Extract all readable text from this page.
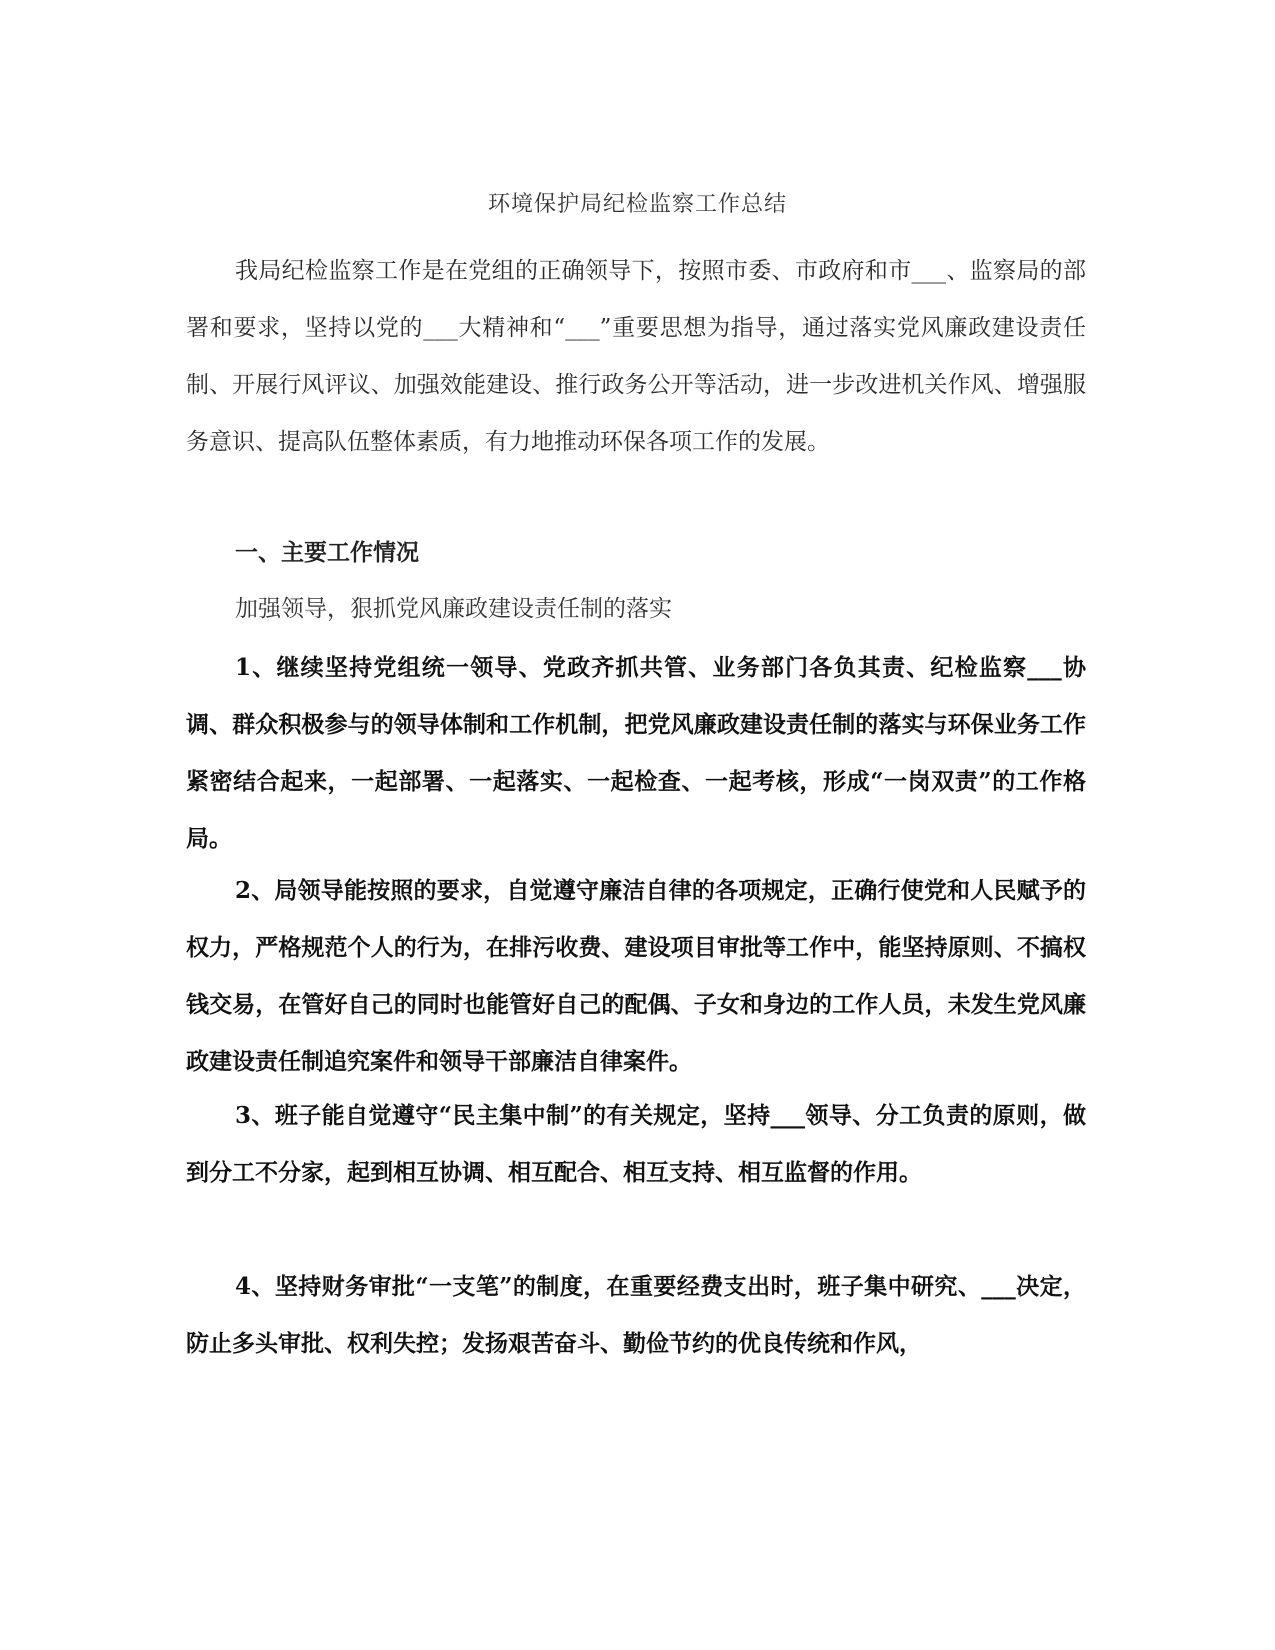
环境保护局纪检监察工作总结

我局纪检监察工作是在党组的正确领导下，按照市委、市政府和市___、监察局的部署和要求，坚持以党的___大精神和“___”重要思想为指导，通过落实党风廉政建设责任制、开展行风评议、加强效能建设、推行政务公开等活动，进一步改进机关作风、增强服务意识、提高队伍整体素质，有力地推动环保各项工作的发展。

一、主要工作情况

加强领导，狠抓党风廉政建设责任制的落实

1、继续坚持党组统一领导、党政齐抓共管、业务部门各负其责、纪检监察___协调、群众积极参与的领导体制和工作机制，把党风廉政建设责任制的落实与环保业务工作紧密结合起来，一起部署、一起落实、一起检查、一起考核，形成“一岗双责”的工作格局。

2、局领导能按照的要求，自觉遵守廉洁自律的各项规定，正确行使党和人民赋予的权力，严格规范个人的行为，在排污收费、建设项目审批等工作中，能坚持原则、不搞权钱交易，在管好自己的同时也能管好自己的配偶、子女和身边的工作人员，未发生党风廉政建设责任制追究案件和领导干部廉洁自律案件。

3、班子能自觉遵守“民主集中制”的有关规定，坚持___领导、分工负责的原则，做到分工不分家，起到相互协调、相互配合、相互支持、相互监督的作用。

4、坚持财务审批“一支笔”的制度，在重要经费支出时，班子集中研究、___决定，防止多头审批、权利失控；发扬艰苦奋斗、勤俭节约的优良传统和作风，
